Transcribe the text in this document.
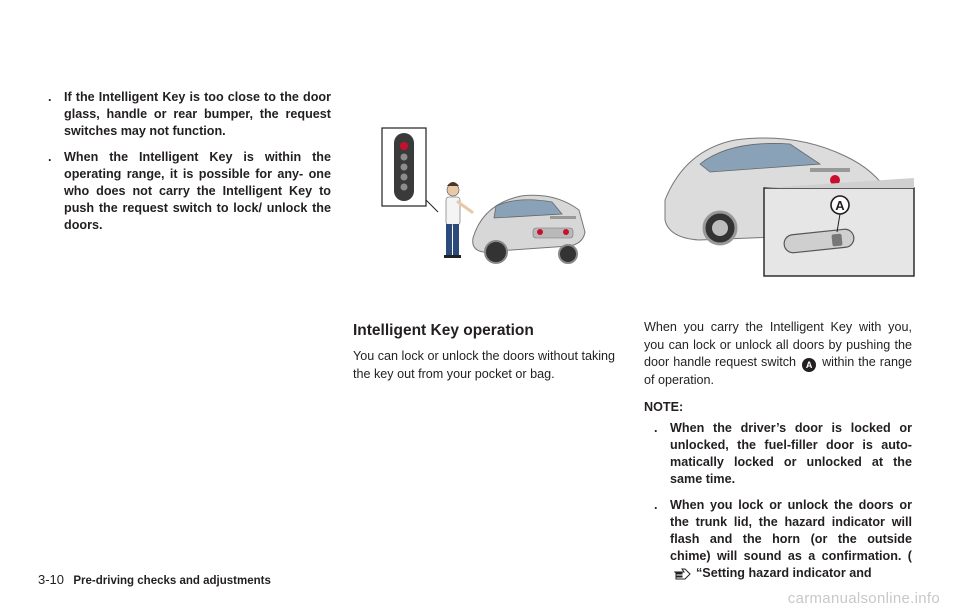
. If the Intelligent Key is too close to the door glass, handle or rear bumper, the request switches may not function.
. When the Intelligent Key is within the operating range, it is possible for any- one who does not carry the Intelligent Key to push the request switch to lock/ unlock the doors.
A
Intelligent Key operation

You can lock or unlock the doors without taking the key out from your pocket or bag.

When you carry the Intelligent Key with you, you can lock or unlock all doors by pushing the door handle request switch A within the range of operation.

NOTE:
. When the driver’s door is locked or unlocked, the fuel-filler door is auto- matically locked or unlocked at the same time.
. When you lock or unlock the doors or the trunk lid, the hazard indicator will flash and the horn (or the outside chime) will sound as a confirmation. (“Setting hazard indicator and
3-10 Pre-driving checks and adjustments
carmanualsonline.info
